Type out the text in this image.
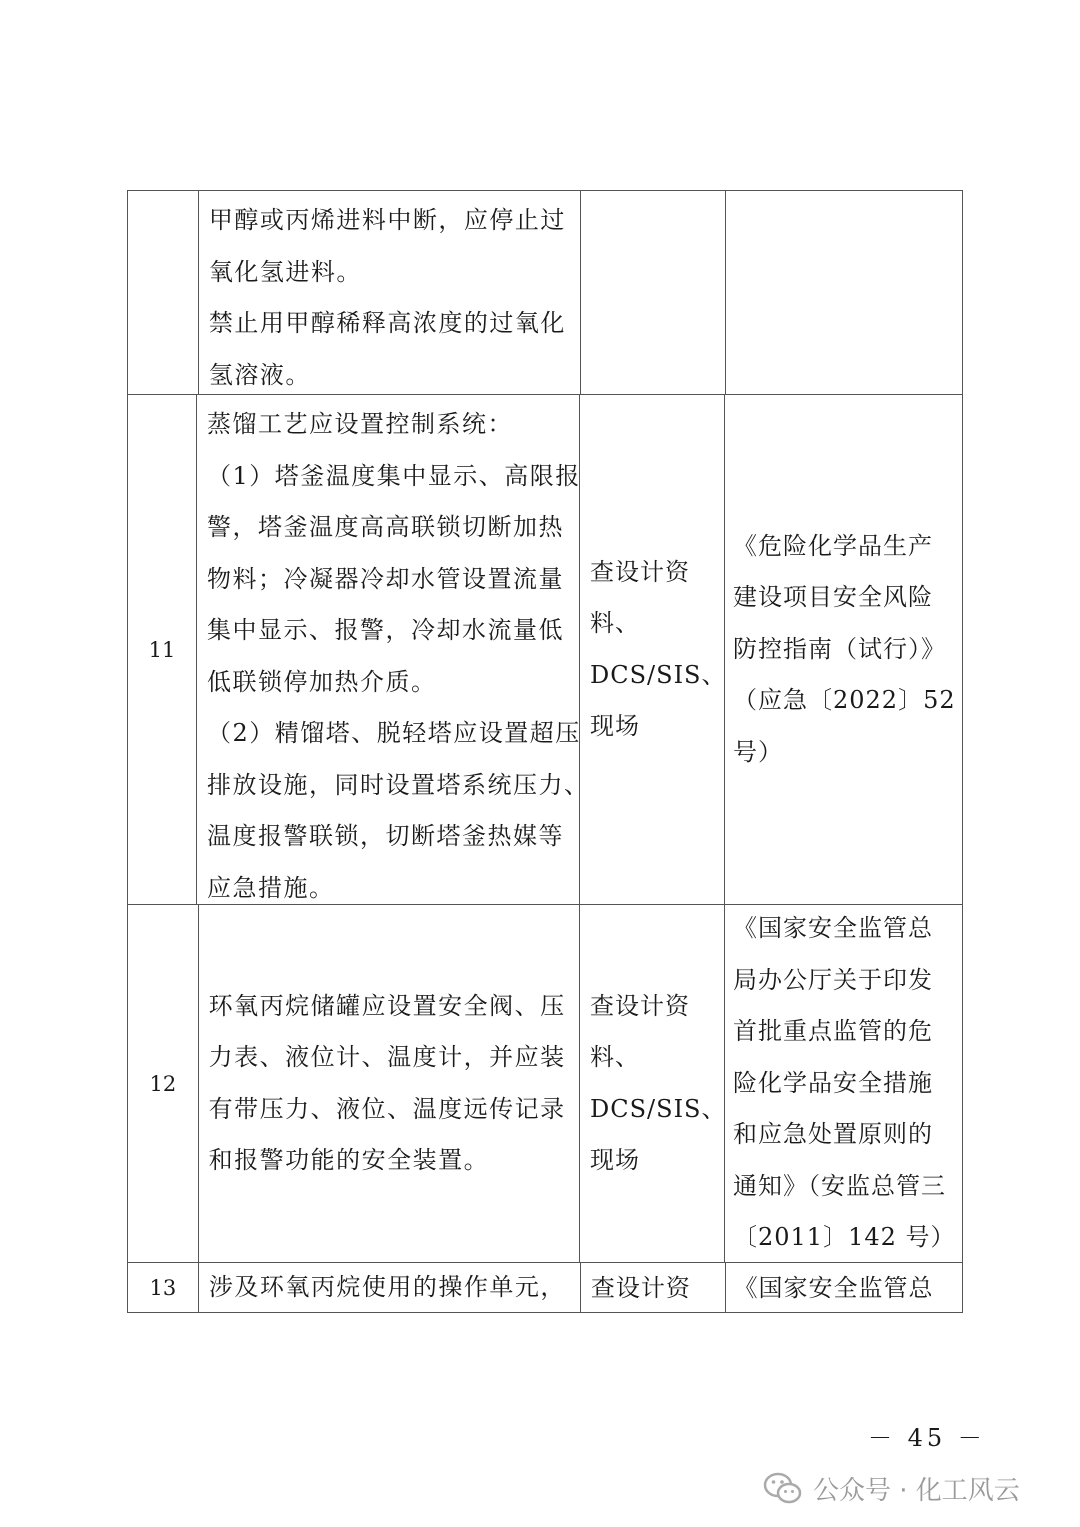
甲醇或丙烯进料中断，应停止过
氧化氢进料。
禁止用甲醇稀释高浓度的过氧化
氢溶液。
11
蒸馏工艺应设置控制系统：
（1）塔釜温度集中显示、高限报
警，塔釜温度高高联锁切断加热
物料；冷凝器冷却水管设置流量
集中显示、报警，冷却水流量低
低联锁停加热介质。
（2）精馏塔、脱轻塔应设置超压
排放设施，同时设置塔系统压力、
温度报警联锁，切断塔釜热媒等
应急措施。
查设计资
料、
DCS/SIS、
现场
《危险化学品生产
建设项目安全风险
防控指南（试行）》
（应急〔2022〕52
号）
12
环氧丙烷储罐应设置安全阀、压
力表、液位计、温度计，并应装
有带压力、液位、温度远传记录
和报警功能的安全装置。
查设计资
料、
DCS/SIS、
现场
《国家安全监管总
局办公厅关于印发
首批重点监管的危
险化学品安全措施
和应急处置原则的
通知》（安监总管三
〔2011〕142 号）
13	涉及环氧丙烷使用的操作单元， 查设计资	《国家安全监管总
－ 45 －
公众号 · 化工风云
